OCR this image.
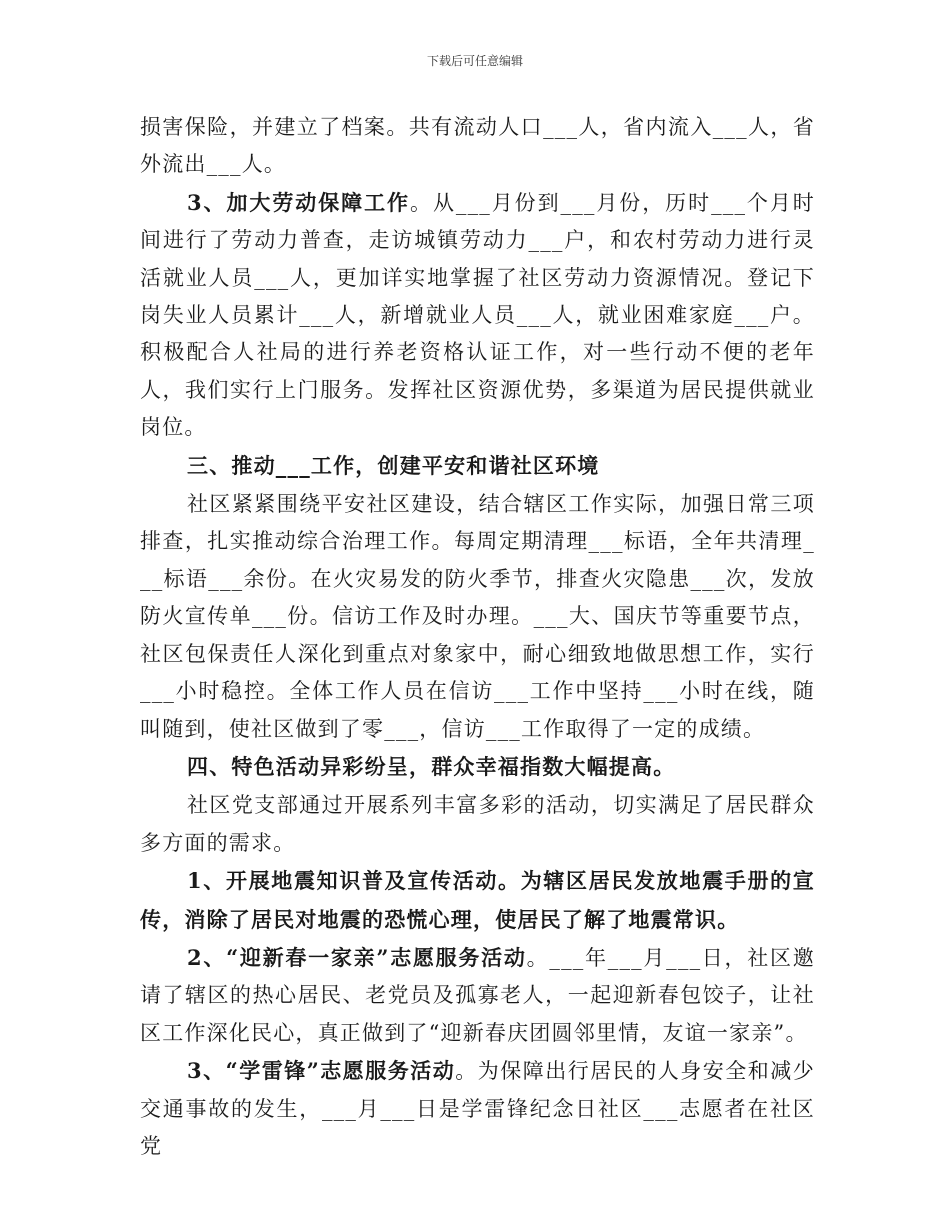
下载后可任意编辑

损害保险，并建立了档案。共有流动人口___人，省内流入___人，省外流出___人。

3、加大劳动保障工作。从___月份到___月份，历时___个月时间进行了劳动力普查，走访城镇劳动力___户，和农村劳动力进行灵活就业人员___人，更加详实地掌握了社区劳动力资源情况。登记下岗失业人员累计___人，新增就业人员___人，就业困难家庭___户。积极配合人社局的进行养老资格认证工作，对一些行动不便的老年人，我们实行上门服务。发挥社区资源优势，多渠道为居民提供就业岗位。

三、推动___工作，创建平安和谐社区环境

社区紧紧围绕平安社区建设，结合辖区工作实际，加强日常三项排查，扎实推动综合治理工作。每周定期清理___标语，全年共清理___标语___余份。在火灾易发的防火季节，排查火灾隐患___次，发放防火宣传单___份。信访工作及时办理。___大、国庆节等重要节点，社区包保责任人深化到重点对象家中，耐心细致地做思想工作，实行___小时稳控。全体工作人员在信访___工作中坚持___小时在线，随叫随到，使社区做到了零___，信访___工作取得了一定的成绩。

四、特色活动异彩纷呈，群众幸福指数大幅提高。

社区党支部通过开展系列丰富多彩的活动，切实满足了居民群众多方面的需求。

1、开展地震知识普及宣传活动。为辖区居民发放地震手册的宣传，消除了居民对地震的恐慌心理，使居民了解了地震常识。

2、“迎新春一家亲”志愿服务活动。___年___月___日，社区邀请了辖区的热心居民、老党员及孤寡老人，一起迎新春包饺子，让社区工作深化民心，真正做到了“迎新春庆团圆邻里情，友谊一家亲”。

3、“学雷锋”志愿服务活动。为保障出行居民的人身安全和减少交通事故的发生，___月___日是学雷锋纪念日社区___志愿者在社区党
